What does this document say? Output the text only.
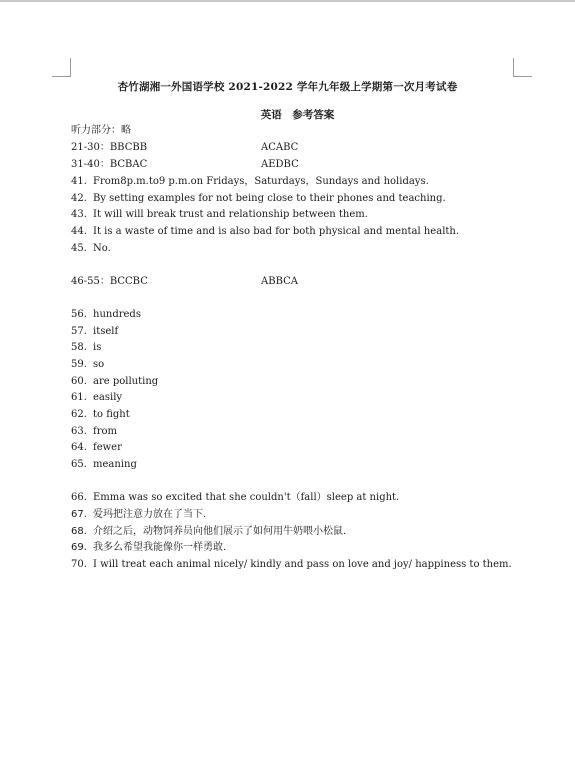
杏竹湖湘一外国语学校 2021-2022 学年九年级上学期第一次月考试卷
英语　参考答案
听力部分：略
21-30：BBCBB	ACABC
31-40：BCBAC	AEDBC
41. From8p.m.to9 p.m.on Fridays，Saturdays，Sundays and holidays.
42. By setting examples for not being close to their phones and teaching.
43. It will will break trust and relationship between them.
44. It is a waste of time and is also bad for both physical and mental health.
45. No.
46-55：BCCBC	ABBCA
56. hundreds
57. itself
58. is
59. so
60. are polluting
61. easily
62. to fight
63. from
64. fewer
65. meaning
66. Emma was so excited that she couldn't（fall）sleep at night.
67. 爱玛把注意力放在了当下.
68. 介绍之后，动物饲养员向他们展示了如何用牛奶喂小松鼠.
69. 我多么希望我能像你一样勇敢.
70. I will treat each animal nicely/ kindly and pass on love and joy/ happiness to them.
